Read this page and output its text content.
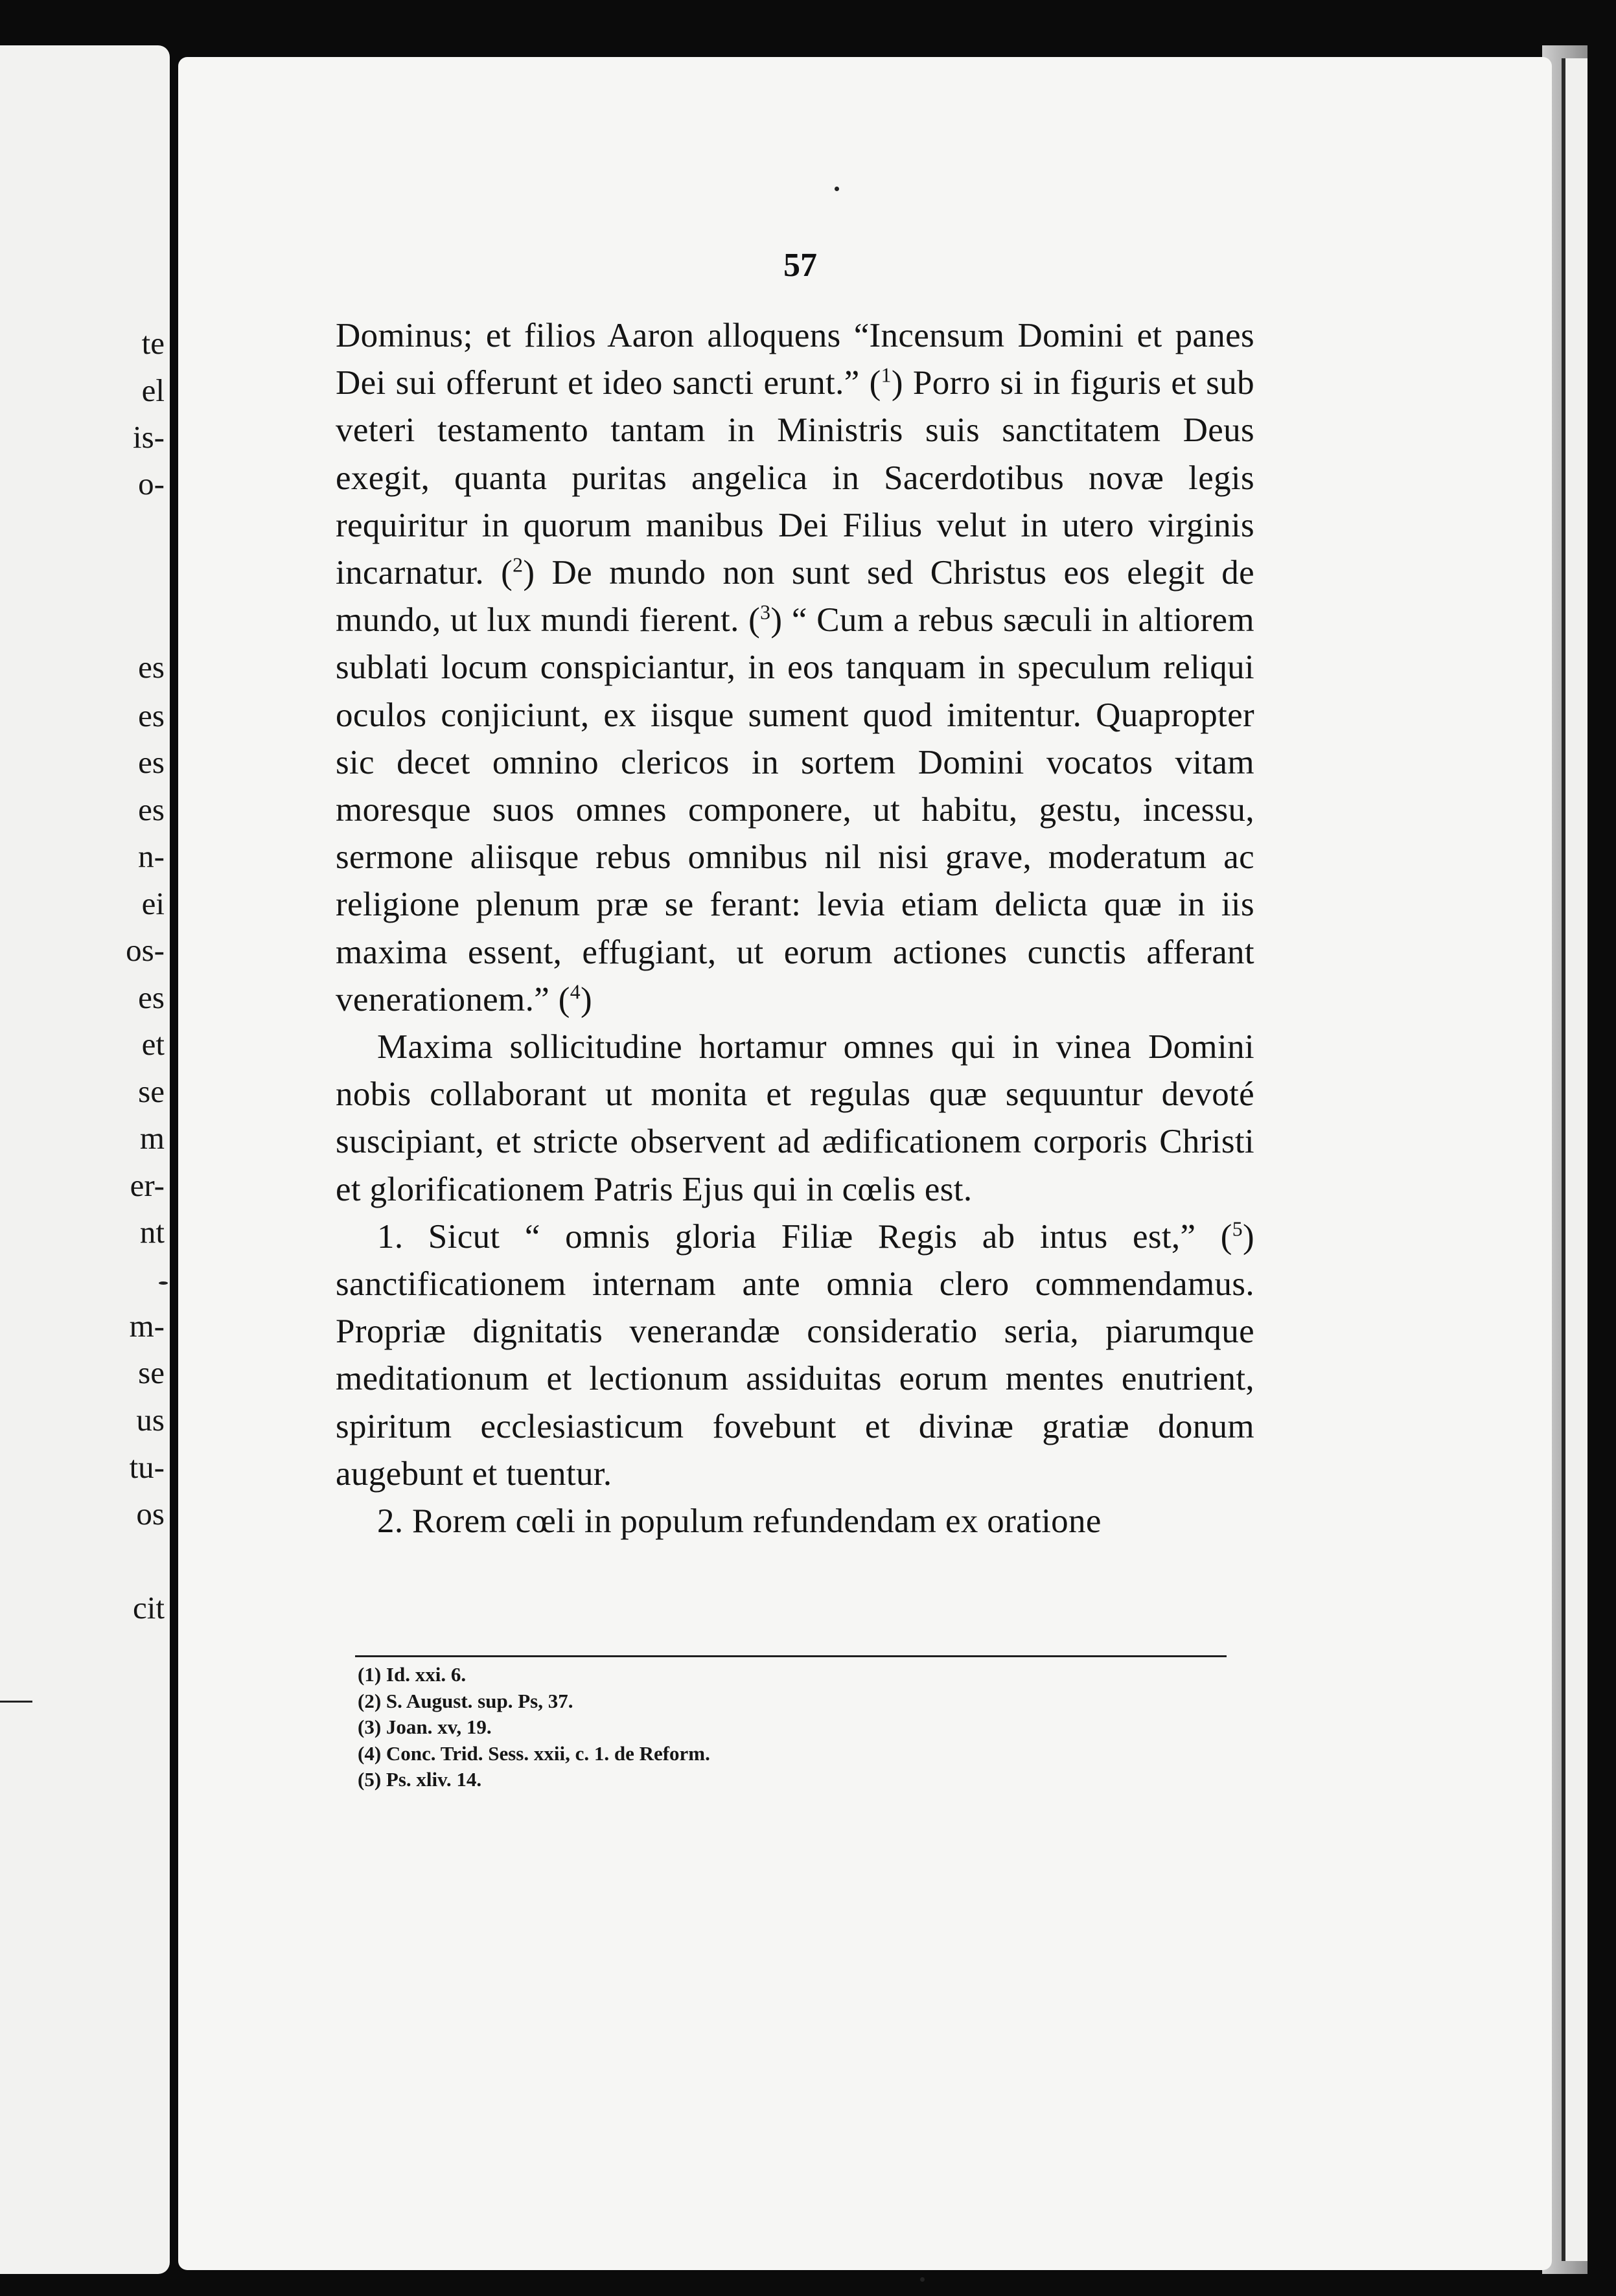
te
el
is-
o-
es
es
es
es
n-
ei
os-
es
et
se
m
er-
nt
m-
se
us
tu-
os
cit
57

Dominus; et filios Aaron alloquens “Incensum Domini et panes Dei sui offerunt et ideo sancti erunt.” ($^1$) Porro si in figuris et sub veteri testamento tantam in Ministris suis sanctitatem Deus exegit, quanta puritas angelica in Sacerdotibus novæ legis requiritur in quorum manibus Dei Filius velut in utero virginis incarnatur. ($^2$) De mundo non sunt sed Christus eos elegit de mundo, ut lux mundi fierent. ($^3$) “ Cum a rebus sæculi in altiorem sublati locum conspiciantur, in eos tanquam in speculum reliqui oculos conjiciunt, ex iisque sument quod imitentur. Quapropter sic decet omnino clericos in sortem Domini vocatos vitam moresque suos omnes componere, ut habitu, gestu, incessu, sermone aliisque rebus omnibus nil nisi grave, moderatum ac religione plenum præ se ferant: levia etiam delicta quæ in iis maxima essent, effugiant, ut eorum actiones cunctis afferant venerationem.” ($^4$)

Maxima sollicitudine hortamur omnes qui in vinea Domini nobis collaborant ut monita et regulas quæ sequuntur devoté suscipiant, et stricte observent ad ædificationem corporis Christi et glorificationem Patris Ejus qui in cœlis est.

1. Sicut “ omnis gloria Filiæ Regis ab intus est,” ($^5$) sanctificationem internam ante omnia clero commendamus. Propriæ dignitatis venerandæ consideratio seria, piarumque meditationum et lectionum assiduitas eorum mentes enutrient, spiritum ecclesiasticum fovebunt et divinæ gratiæ donum augebunt et tuentur.

2. Rorem cœli in populum refundendam ex oratione

(1) Id. xxi. 6.
(2) S. August. sup. Ps, 37.
(3) Joan. xv, 19.
(4) Conc. Trid. Sess. xxii, c. 1. de Reform.
(5) Ps. xliv. 14.
